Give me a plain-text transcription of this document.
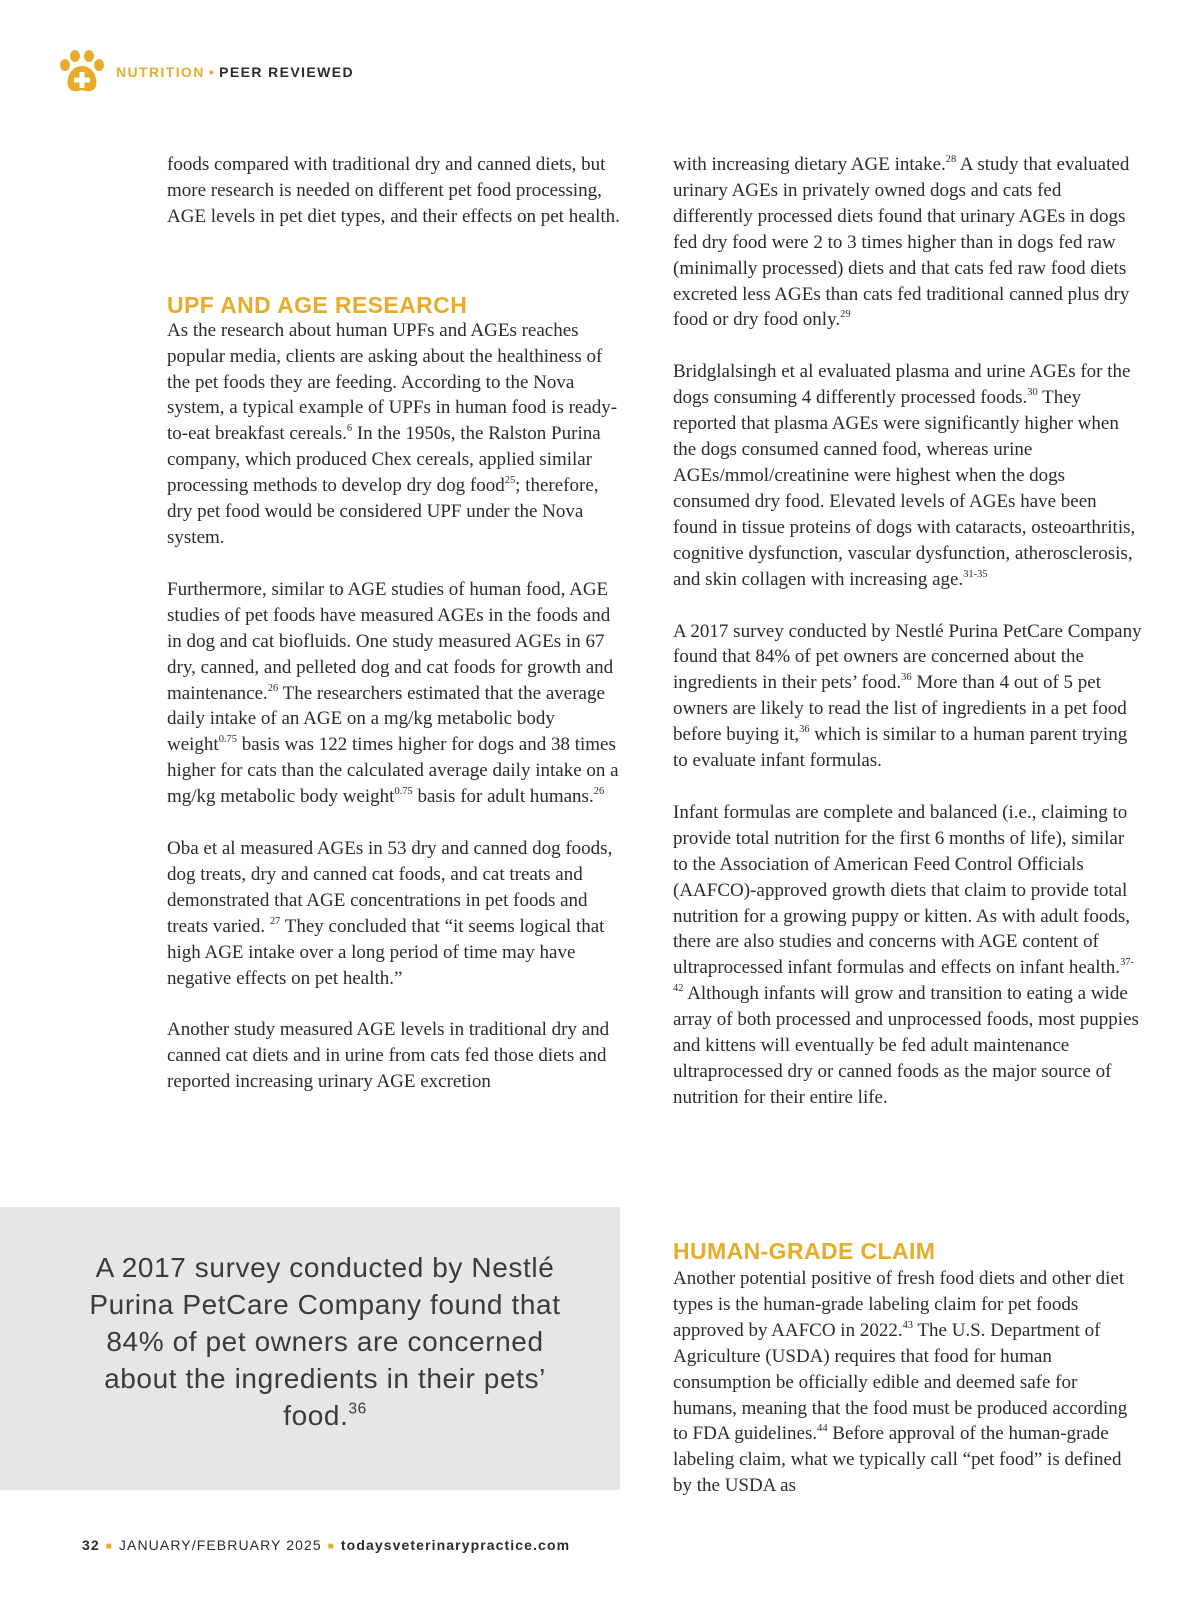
NUTRITION • PEER REVIEWED

foods compared with traditional dry and canned diets, but more research is needed on different pet food processing, AGE levels in pet diet types, and their effects on pet health.

UPF AND AGE RESEARCH

As the research about human UPFs and AGEs reaches popular media, clients are asking about the healthiness of the pet foods they are feeding. According to the Nova system, a typical example of UPFs in human food is ready-to-eat breakfast cereals.$^6$ In the 1950s, the Ralston Purina company, which produced Chex cereals, applied similar processing methods to develop dry dog food$^{25}$; therefore, dry pet food would be considered UPF under the Nova system.

Furthermore, similar to AGE studies of human food, AGE studies of pet foods have measured AGEs in the foods and in dog and cat biofluids. One study measured AGEs in 67 dry, canned, and pelleted dog and cat foods for growth and maintenance.$^{26}$ The researchers estimated that the average daily intake of an AGE on a mg/kg metabolic body weight$^{0.75}$ basis was 122 times higher for dogs and 38 times higher for cats than the calculated average daily intake on a mg/kg metabolic body weight$^{0.75}$ basis for adult humans.$^{26}$

Oba et al measured AGEs in 53 dry and canned dog foods, dog treats, dry and canned cat foods, and cat treats and demonstrated that AGE concentrations in pet foods and treats varied. $^{27}$ They concluded that “it seems logical that high AGE intake over a long period of time may have negative effects on pet health.”

Another study measured AGE levels in traditional dry and canned cat diets and in urine from cats fed those diets and reported increasing urinary AGE excretion

with increasing dietary AGE intake.$^{28}$ A study that evaluated urinary AGEs in privately owned dogs and cats fed differently processed diets found that urinary AGEs in dogs fed dry food were 2 to 3 times higher than in dogs fed raw (minimally processed) diets and that cats fed raw food diets excreted less AGEs than cats fed traditional canned plus dry food or dry food only.$^{29}$

Bridglalsingh et al evaluated plasma and urine AGEs for the dogs consuming 4 differently processed foods.$^{30}$ They reported that plasma AGEs were significantly higher when the dogs consumed canned food, whereas urine AGEs/mmol/creatinine were highest when the dogs consumed dry food. Elevated levels of AGEs have been found in tissue proteins of dogs with cataracts, osteoarthritis, cognitive dysfunction, vascular dysfunction, atherosclerosis, and skin collagen with increasing age.$^{31-35}$

A 2017 survey conducted by Nestlé Purina PetCare Company found that 84% of pet owners are concerned about the ingredients in their pets’ food.$^{36}$ More than 4 out of 5 pet owners are likely to read the list of ingredients in a pet food before buying it,$^{36}$ which is similar to a human parent trying to evaluate infant formulas.

Infant formulas are complete and balanced (i.e., claiming to provide total nutrition for the first 6 months of life), similar to the Association of American Feed Control Officials (AAFCO)-approved growth diets that claim to provide total nutrition for a growing puppy or kitten. As with adult foods, there are also studies and concerns with AGE content of ultraprocessed infant formulas and effects on infant health.$^{37-42}$ Although infants will grow and transition to eating a wide array of both processed and unprocessed foods, most puppies and kittens will eventually be fed adult maintenance ultraprocessed dry or canned foods as the major source of nutrition for their entire life.

HUMAN-GRADE CLAIM

Another potential positive of fresh food diets and other diet types is the human-grade labeling claim for pet foods approved by AAFCO in 2022.43 The U.S. Department of Agriculture (USDA) requires that food for human consumption be officially edible and deemed safe for humans, meaning that the food must be produced according to FDA guidelines.$^{44}$ Before approval of the human-grade labeling claim, what we typically call “pet food” is defined by the USDA as

A 2017 survey conducted by Nestlé Purina PetCare Company found that 84% of pet owners are concerned about the ingredients in their pets’ food.$^{36}$
32 ■ JANUARY/FEBRUARY 2025 ■ todaysveterinarypractice.com
